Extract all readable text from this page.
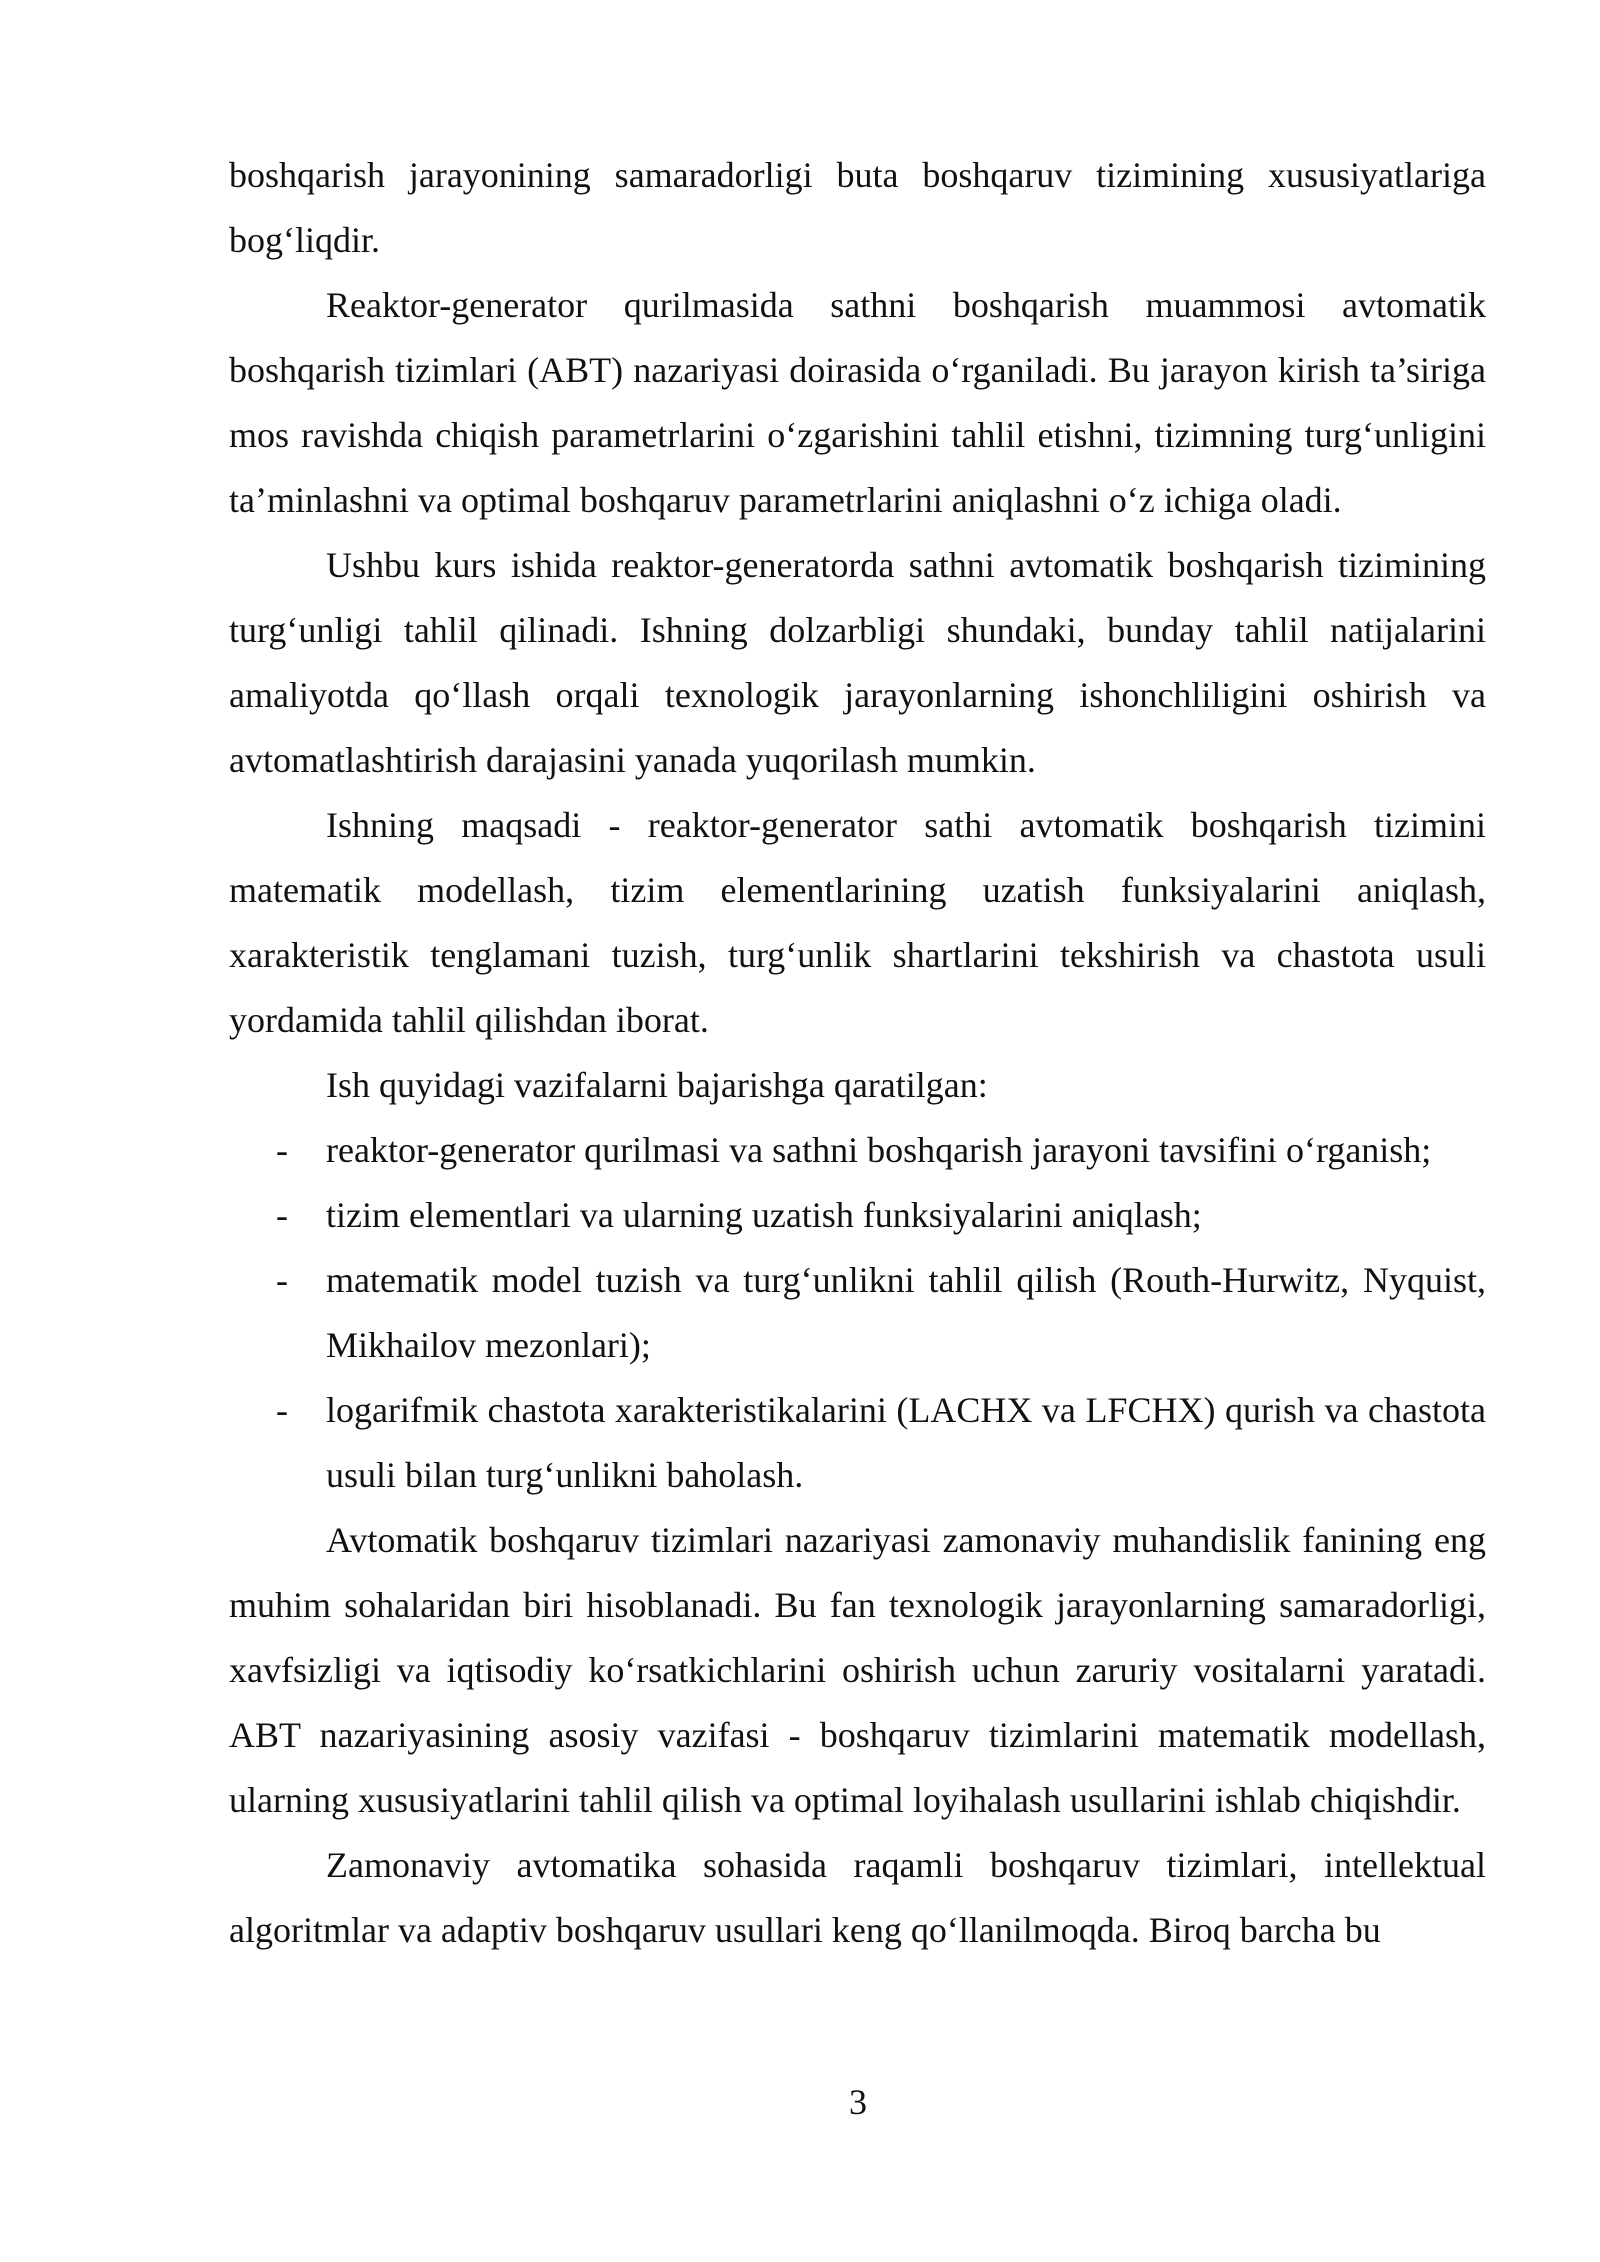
boshqarish jarayonining samaradorligi buta boshqaruv tizimining xususiyatlariga bog‘liqdir.

Reaktor-generator qurilmasida sathni boshqarish muammosi avtomatik boshqarish tizimlari (ABT) nazariyasi doirasida o‘rganiladi. Bu jarayon kirish ta’siriga mos ravishda chiqish parametrlarini o‘zgarishini tahlil etishni, tizimning turg‘unligini ta’minlashni va optimal boshqaruv parametrlarini aniqlashni o‘z ichiga oladi.

Ushbu kurs ishida reaktor-generatorda sathni avtomatik boshqarish tizimining turg‘unligi tahlil qilinadi. Ishning dolzarbligi shundaki, bunday tahlil natijalarini amaliyotda qo‘llash orqali texnologik jarayonlarning ishonchliligini oshirish va avtomatlashtirish darajasini yanada yuqorilash mumkin.

Ishning maqsadi - reaktor-generator sathi avtomatik boshqarish tizimini matematik modellash, tizim elementlarining uzatish funksiyalarini aniqlash, xarakteristik tenglamani tuzish, turg‘unlik shartlarini tekshirish va chastota usuli yordamida tahlil qilishdan iborat.

Ish quyidagi vazifalarni bajarishga qaratilgan:

- reaktor-generator qurilmasi va sathni boshqarish jarayoni tavsifini o‘rganish;
- tizim elementlari va ularning uzatish funksiyalarini aniqlash;
- matematik model tuzish va turg‘unlikni tahlil qilish (Routh-Hurwitz, Nyquist, Mikhailov mezonlari);
- logarifmik chastota xarakteristikalarini (LACHX va LFCHX) qurish va chastota usuli bilan turg‘unlikni baholash.

Avtomatik boshqaruv tizimlari nazariyasi zamonaviy muhandislik fanining eng muhim sohalaridan biri hisoblanadi. Bu fan texnologik jarayonlarning samaradorligi, xavfsizligi va iqtisodiy ko‘rsatkichlarini oshirish uchun zaruriy vositalarni yaratadi. ABT nazariyasining asosiy vazifasi - boshqaruv tizimlarini matematik modellash, ularning xususiyatlarini tahlil qilish va optimal loyihalash usullarini ishlab chiqishdir.

Zamonaviy avtomatika sohasida raqamli boshqaruv tizimlari, intellektual algoritmlar va adaptiv boshqaruv usullari keng qo‘llanilmoqda. Biroq barcha bu

3
